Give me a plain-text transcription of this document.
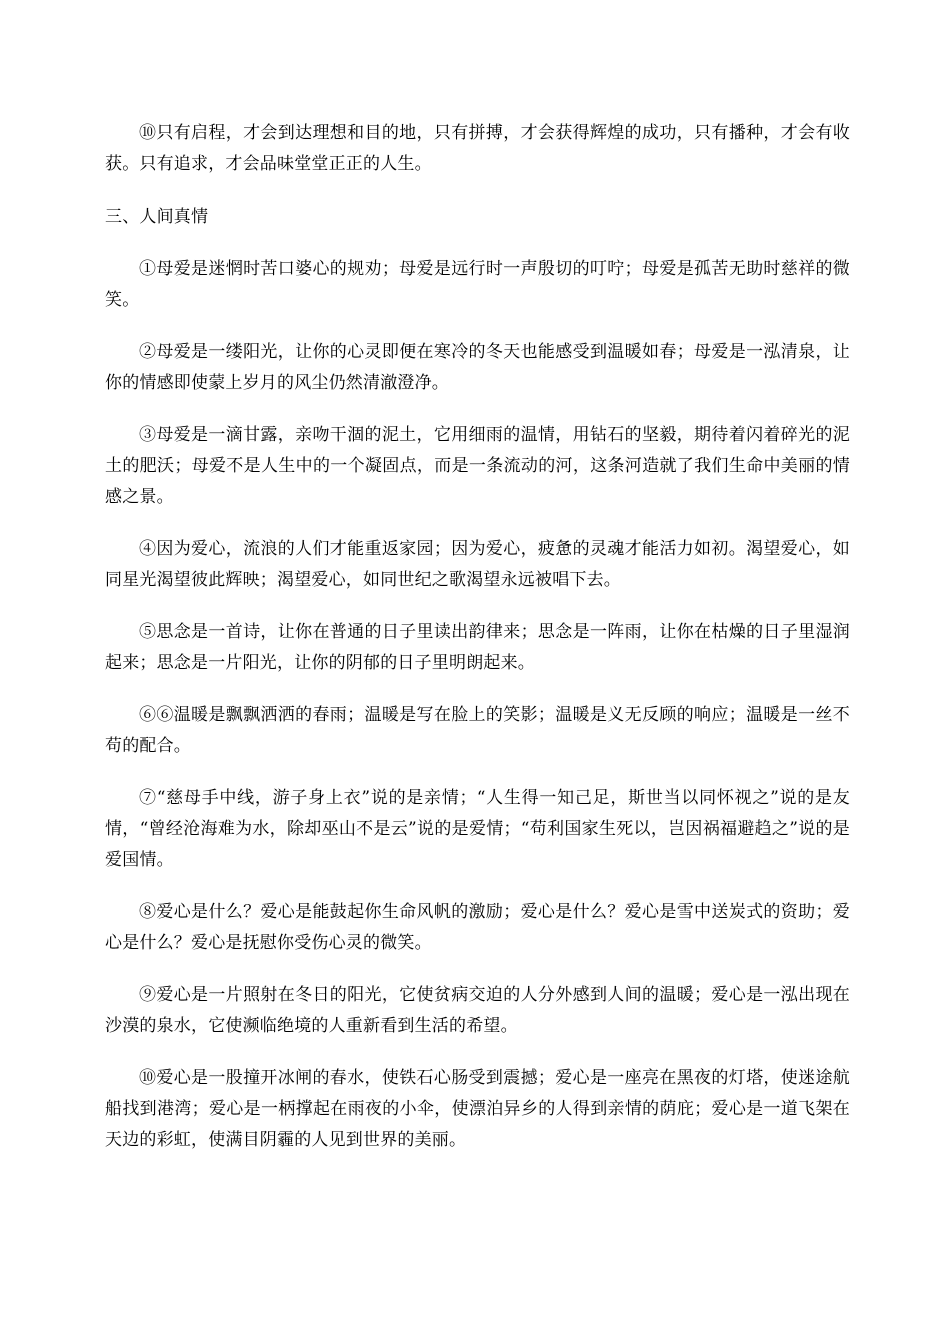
⑩只有启程，才会到达理想和目的地，只有拼搏，才会获得辉煌的成功，只有播种，才会有收获。只有追求，才会品味堂堂正正的人生。

三、人间真情

①母爱是迷惘时苦口婆心的规劝；母爱是远行时一声殷切的叮咛；母爱是孤苦无助时慈祥的微笑。

②母爱是一缕阳光，让你的心灵即便在寒冷的冬天也能感受到温暖如春；母爱是一泓清泉，让你的情感即使蒙上岁月的风尘仍然清澈澄净。

③母爱是一滴甘露，亲吻干涸的泥土，它用细雨的温情，用钻石的坚毅，期待着闪着碎光的泥土的肥沃；母爱不是人生中的一个凝固点，而是一条流动的河，这条河造就了我们生命中美丽的情感之景。

④因为爱心，流浪的人们才能重返家园；因为爱心，疲惫的灵魂才能活力如初。渴望爱心，如同星光渴望彼此辉映；渴望爱心，如同世纪之歌渴望永远被唱下去。

⑤思念是一首诗，让你在普通的日子里读出韵律来；思念是一阵雨，让你在枯燥的日子里湿润起来；思念是一片阳光，让你的阴郁的日子里明朗起来。

⑥⑥温暖是飘飘洒洒的春雨；温暖是写在脸上的笑影；温暖是义无反顾的响应；温暖是一丝不苟的配合。

⑦“慈母手中线，游子身上衣”说的是亲情；“人生得一知己足，斯世当以同怀视之”说的是友情，“曾经沧海难为水，除却巫山不是云”说的是爱情；“苟利国家生死以，岂因祸福避趋之”说的是爱国情。

⑧爱心是什么？爱心是能鼓起你生命风帆的激励；爱心是什么？爱心是雪中送炭式的资助；爱心是什么？爱心是抚慰你受伤心灵的微笑。

⑨爱心是一片照射在冬日的阳光，它使贫病交迫的人分外感到人间的温暖；爱心是一泓出现在沙漠的泉水，它使濒临绝境的人重新看到生活的希望。

⑩爱心是一股撞开冰闸的春水，使铁石心肠受到震撼；爱心是一座亮在黑夜的灯塔，使迷途航船找到港湾；爱心是一柄撑起在雨夜的小伞，使漂泊异乡的人得到亲情的荫庇；爱心是一道飞架在天边的彩虹，使满目阴霾的人见到世界的美丽。
